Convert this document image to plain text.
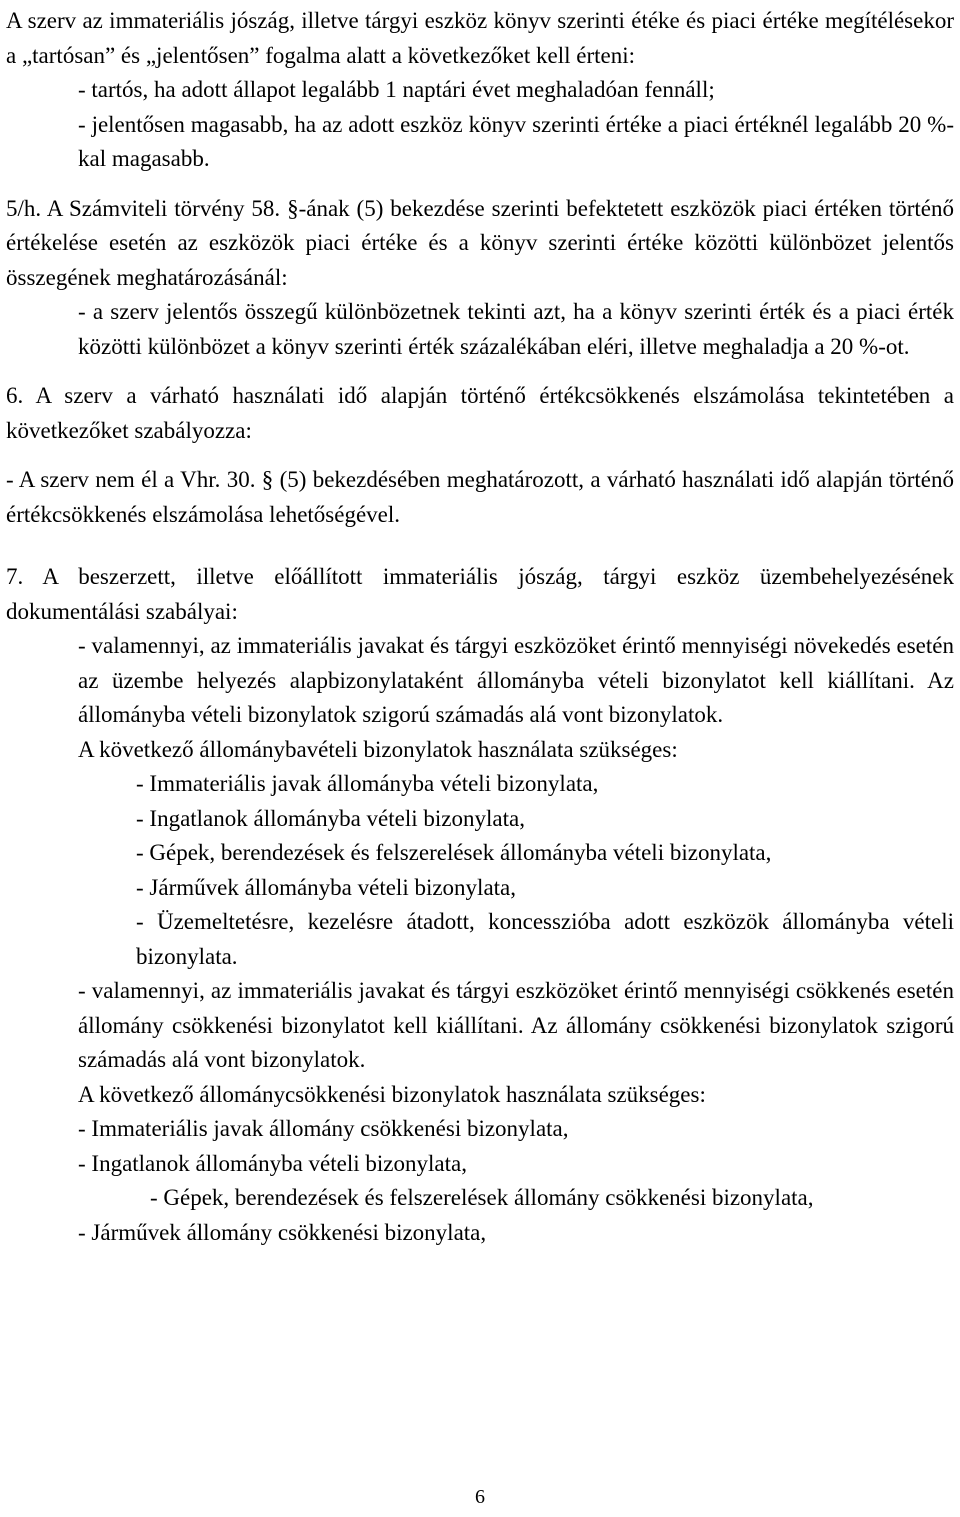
A szerv az immateriális jószág, illetve tárgyi eszköz könyv szerinti étéke és piaci értéke megítélésekor a „tartósan” és „jelentősen” fogalma alatt a következőket kell érteni:

- tartós, ha adott állapot legalább 1 naptári évet meghaladóan fennáll;

- jelentősen magasabb, ha az adott eszköz könyv szerinti értéke a piaci értéknél legalább 20 %-kal magasabb.

5/h. A Számviteli törvény 58. §-ának (5) bekezdése szerinti befektetett eszközök piaci értéken történő értékelése esetén az eszközök piaci értéke és a könyv szerinti értéke közötti különbözet jelentős összegének meghatározásánál:

- a szerv jelentős összegű különbözetnek tekinti azt, ha a könyv szerinti érték és a piaci érték közötti különbözet a könyv szerinti érték százalékában eléri, illetve meghaladja a 20 %-ot.

6. A szerv a várható használati idő alapján történő értékcsökkenés elszámolása tekintetében a következőket szabályozza:

- A szerv nem él a Vhr. 30. § (5) bekezdésében meghatározott, a várható használati idő alapján történő értékcsökkenés elszámolása lehetőségével.

7. A beszerzett, illetve előállított immateriális jószág, tárgyi eszköz üzembehelyezésének dokumentálási szabályai:

- valamennyi, az immateriális javakat és tárgyi eszközöket érintő mennyiségi növekedés esetén az üzembe helyezés alapbizonylataként állományba vételi bizonylatot kell kiállítani. Az állományba vételi bizonylatok szigorú számadás alá vont bizonylatok.

A következő állománybavételi bizonylatok használata szükséges:

- Immateriális javak állományba vételi bizonylata,

- Ingatlanok állományba vételi bizonylata,

- Gépek, berendezések és felszerelések állományba vételi bizonylata,

- Járművek állományba vételi bizonylata,

- Üzemeltetésre, kezelésre átadott, koncesszióba adott eszközök állományba vételi bizonylata.

- valamennyi, az immateriális javakat és tárgyi eszközöket érintő mennyiségi csökkenés esetén állomány csökkenési bizonylatot kell kiállítani. Az állomány csökkenési bizonylatok szigorú számadás alá vont bizonylatok.

A következő állománycsökkenési bizonylatok használata szükséges:

- Immateriális javak állomány csökkenési bizonylata,

- Ingatlanok állományba vételi bizonylata,

- Gépek, berendezések és felszerelések állomány csökkenési bizonylata,

- Járművek állomány csökkenési bizonylata,

6
